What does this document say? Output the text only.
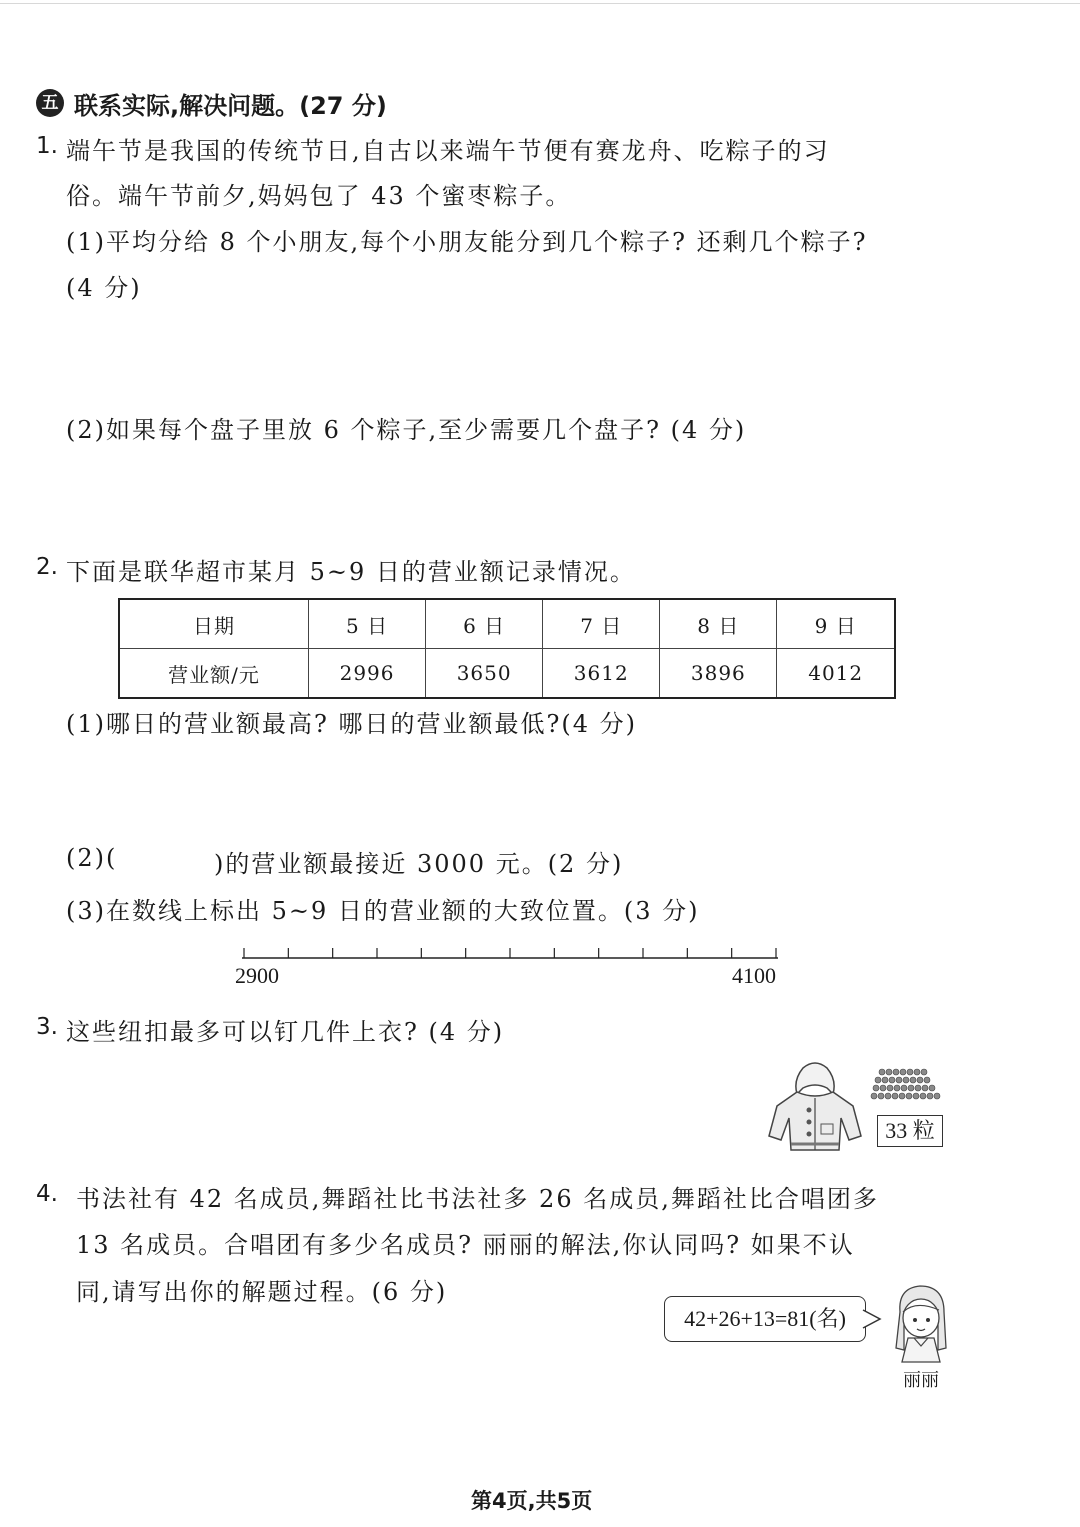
五 联系实际,解决问题。(27 分)
1. 端午节是我国的传统节日,自古以来端午节便有赛龙舟、吃粽子的习
俗。端午节前夕,妈妈包了 43 个蜜枣粽子。
(1)平均分给 8 个小朋友,每个小朋友能分到几个粽子? 还剩几个粽子?
(4 分)
(2)如果每个盘子里放 6 个粽子,至少需要几个盘子? (4 分)
2. 下面是联华超市某月 5~9 日的营业额记录情况。
日期	5 日	6 日	7 日	8 日	9 日
营业额/元	2996	3650	3612	3896	4012
(1)哪日的营业额最高? 哪日的营业额最低?(4 分)
(2)(	)的营业额最接近 3000 元。(2 分)
(3)在数线上标出 5~9 日的营业额的大致位置。(3 分)
2900	4100
3. 这些纽扣最多可以钉几件上衣? (4 分)
33 粒
4. 书法社有 42 名成员,舞蹈社比书法社多 26 名成员,舞蹈社比合唱团多
13 名成员。合唱团有多少名成员? 丽丽的解法,你认同吗? 如果不认
同,请写出你的解题过程。(6 分)
42+26+13=81(名)
丽丽
第4页,共5页
